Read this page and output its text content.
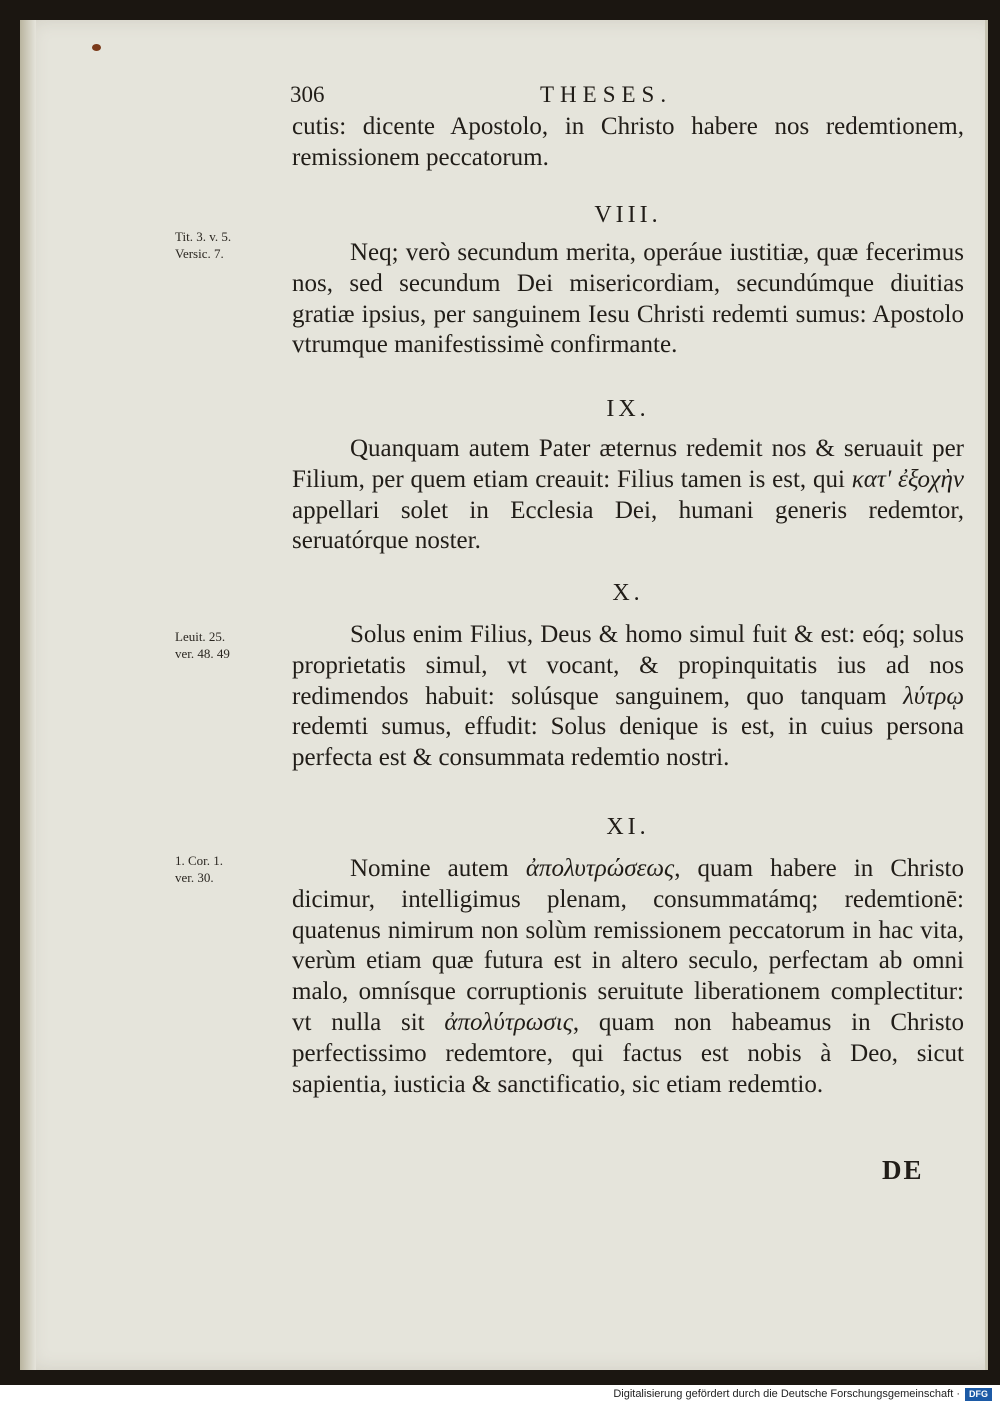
306	THESES.

cutis: dicente Apostolo, in Christo habere nos redemtionem, remissionem peccatorum.

VIII.
Tit. 3. v. 5.
Versic. 7.	Neq; verò secundum merita, operáue iustitiæ, quæ fecerimus nos, sed secundum Dei misericordiam, secundúmque diuitias gratiæ ipsius, per sanguinem Iesu Christi redemti sumus: Apostolo vtrumque manifestissimè confirmante.

IX.

Quanquam autem Pater æternus redemit nos & seruauit per Filium, per quem etiam creauit: Filius tamen is est, qui κατ' ἐξοχὴν appellari solet in Ecclesia Dei, humani generis redemtor, seruatórque noster.

X.
Leuit. 25.
ver. 48. 49

Solus enim Filius, Deus & homo simul fuit & est: eóq; solus proprietatis simul, vt vocant, & propinquitatis ius ad nos redimendos habuit: solúsque sanguinem, quo tanquam λύτρῳ redemti sumus, effudit: Solus denique is est, in cuius persona perfecta est & consummata redemtio nostri.

XI.
1. Cor. 1.
ver. 30.	Nomine autem ἀπολυτρώσεως, quam habere in Christo dicimur, intelligimus plenam, consummatámq; redemtionē: quatenus nimirum non solùm remissionem peccatorum in hac vita, verùm etiam quæ futura est in altero seculo, perfectam ab omni malo, omnísque corruptionis seruitute liberationem complectitur: vt nulla sit ἀπολύτρωσις, quam non habeamus in Christo perfectissimo redemtore, qui factus est nobis à Deo, sicut sapientia, iusticia & sanctificatio, sic etiam redemtio.

DE
Digitalisierung gefördert durch die Deutsche Forschungsgemeinschaft ·	DFG
